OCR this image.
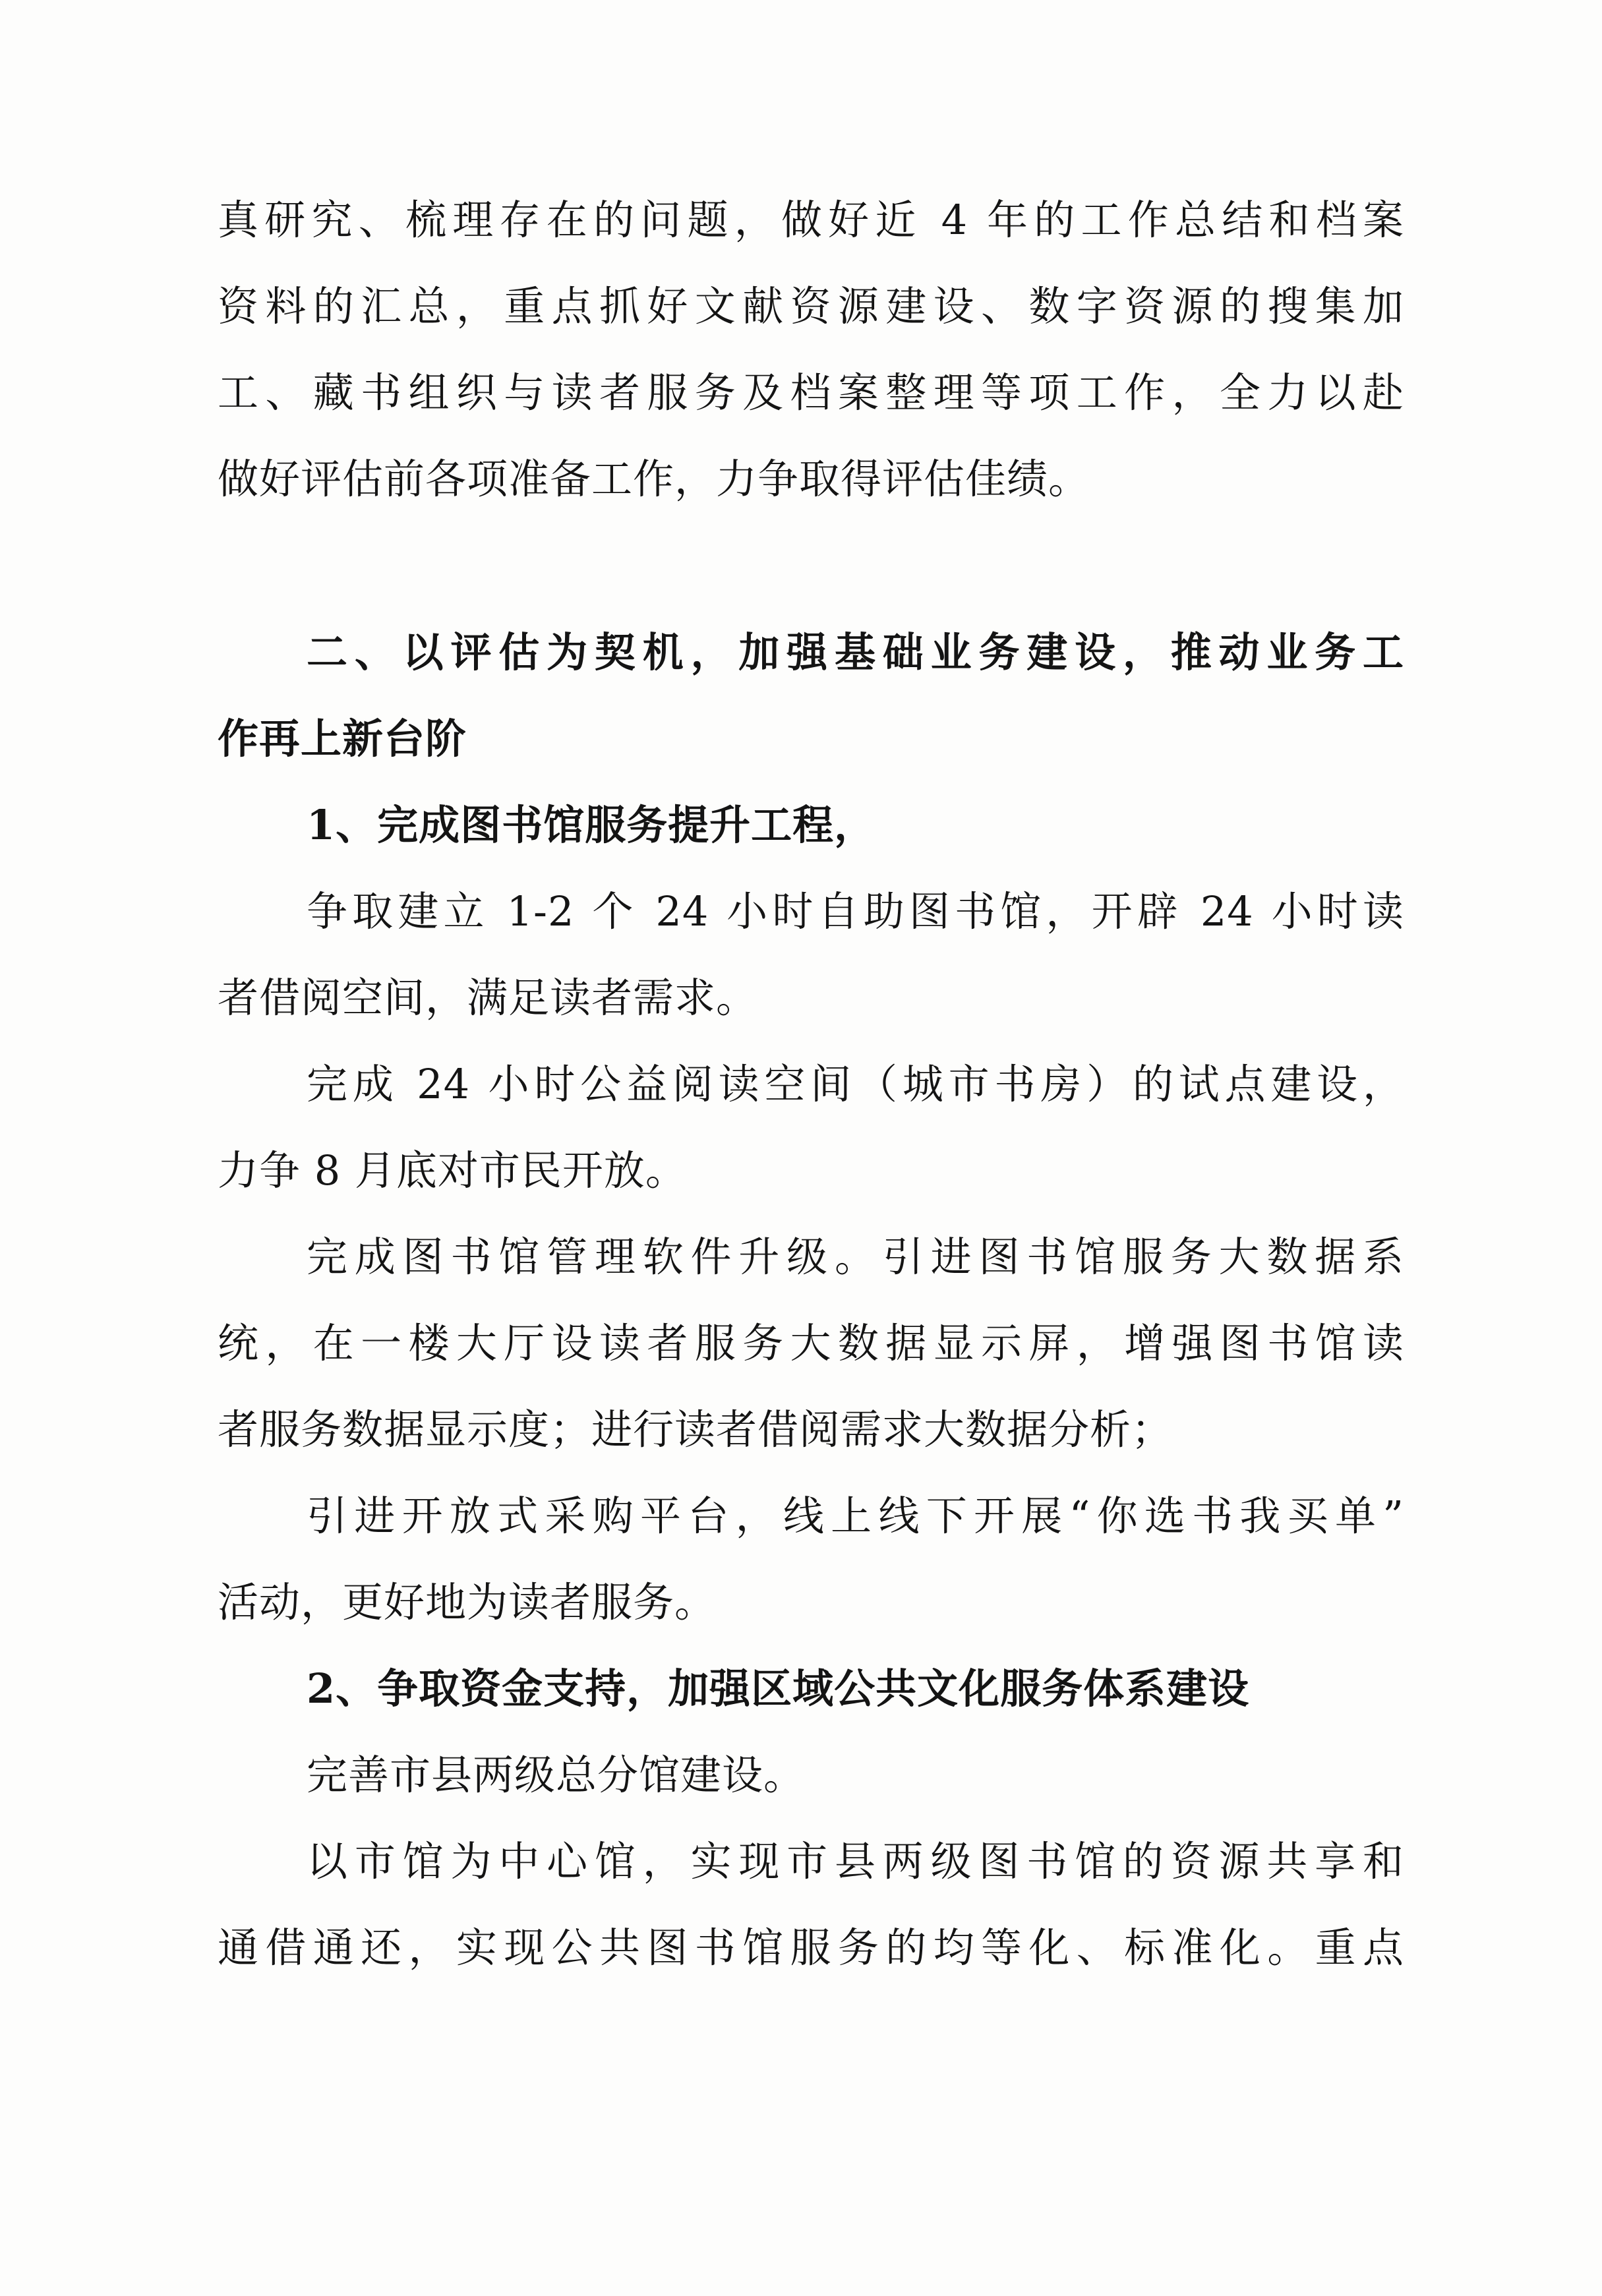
真研究、梳理存在的问题，做好近 4 年的工作总结和档案
资料的汇总，重点抓好文献资源建设、数字资源的搜集加
工、藏书组织与读者服务及档案整理等项工作，全力以赴
做好评估前各项准备工作，力争取得评估佳绩。
二、以评估为契机，加强基础业务建设，推动业务工
作再上新台阶
1、完成图书馆服务提升工程，
争取建立 1-2 个 24 小时自助图书馆，开辟 24 小时读
者借阅空间，满足读者需求。
完成 24 小时公益阅读空间（城市书房）的试点建设，
力争 8 月底对市民开放。
完成图书馆管理软件升级。引进图书馆服务大数据系
统，在一楼大厅设读者服务大数据显示屏，增强图书馆读
者服务数据显示度；进行读者借阅需求大数据分析；
引进开放式采购平台，线上线下开展“你选书我买单”
活动，更好地为读者服务。
2、争取资金支持，加强区域公共文化服务体系建设
完善市县两级总分馆建设。
以市馆为中心馆，实现市县两级图书馆的资源共享和
通借通还，实现公共图书馆服务的均等化、标准化。重点
